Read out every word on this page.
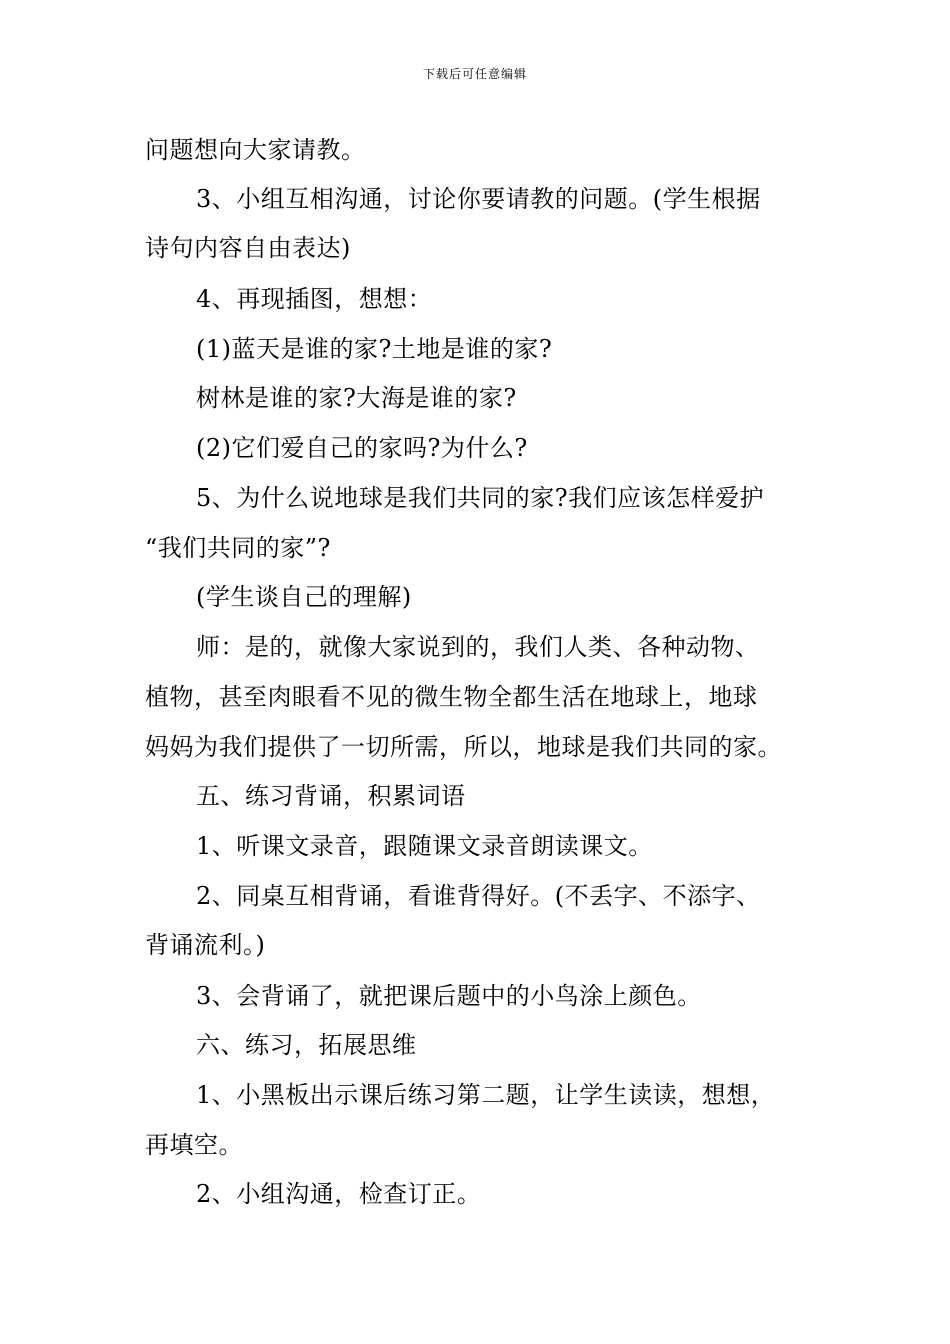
下载后可任意编辑
问题想向大家请教。
3、小组互相沟通，讨论你要请教的问题。(学生根据
诗句内容自由表达)
4、再现插图，想想：
(1)蓝天是谁的家?土地是谁的家?
树林是谁的家?大海是谁的家?
(2)它们爱自己的家吗?为什么?
5、为什么说地球是我们共同的家?我们应该怎样爱护
“我们共同的家”?
(学生谈自己的理解)
师：是的，就像大家说到的，我们人类、各种动物、
植物，甚至肉眼看不见的微生物全都生活在地球上，地球
妈妈为我们提供了一切所需，所以，地球是我们共同的家。
五、练习背诵，积累词语
1、听课文录音，跟随课文录音朗读课文。
2、同桌互相背诵，看谁背得好。(不丢字、不添字、
背诵流利。)
3、会背诵了，就把课后题中的小鸟涂上颜色。
六、练习，拓展思维
1、小黑板出示课后练习第二题，让学生读读，想想，
再填空。
2、小组沟通，检查订正。
